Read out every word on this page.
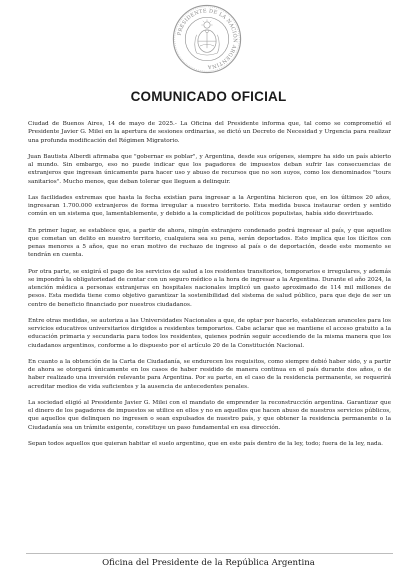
PRESIDENTE DE LA NACIÓN ARGENTINA
COMUNICADO OFICIAL

Ciudad de Buenos Aires, 14 de mayo de 2025.- La Oficina del Presidente informa que, tal como se comprometió el Presidente Javier G. Milei en la apertura de sesiones ordinarias, se dictó un Decreto de Necesidad y Urgencia para realizar una profunda modificación del Régimen Migratorio.

Juan Bautista Alberdi afirmaba que "gobernar es poblar", y Argentina, desde sus orígenes, siempre ha sido un país abierto al mundo. Sin embargo, eso no puede indicar que los pagadores de impuestos deban sufrir las consecuencias de extranjeros que ingresan únicamente para hacer uso y abuso de recursos que no son suyos, como los denominados "tours sanitarios". Mucho menos, que deban tolerar que lleguen a delinquir.

Las facilidades extremas que hasta la fecha existían para ingresar a la Argentina hicieron que, en los últimos 20 años, ingresaran 1.700.000 extranjeros de forma irregular a nuestro territorio. Esta medida busca instaurar orden y sentido común en un sistema que, lamentablemente, y debido a la complicidad de políticos populistas, había sido desvirtuado.

En primer lugar, se establece que, a partir de ahora, ningún extranjero condenado podrá ingresar al país, y que aquellos que cometan un delito en nuestro territorio, cualquiera sea su pena, serán deportados. Esto implica que los ilícitos con penas menores a 5 años, que no eran motivo de rechazo de ingreso al país o de deportación, desde este momento se tendrán en cuenta.

Por otra parte, se exigirá el pago de los servicios de salud a los residentes transitorios, temporarios e irregulares, y además se impondrá la obligatoriedad de contar con un seguro médico a la hora de ingresar a la Argentina. Durante el año 2024, la atención médica a personas extranjeras en hospitales nacionales implicó un gasto aproximado de 114 mil millones de pesos. Esta medida tiene como objetivo garantizar la sostenibilidad del sistema de salud público, para que deje de ser un centro de beneficio financiado por nuestros ciudadanos.

Entre otras medidas, se autoriza a las Universidades Nacionales a que, de optar por hacerlo, establezcan aranceles para los servicios educativos universitarios dirigidos a residentes temporarios. Cabe aclarar que se mantiene el acceso gratuito a la educación primaria y secundaria para todos los residentes, quienes podrán seguir accediendo de la misma manera que los ciudadanos argentinos, conforme a lo dispuesto por el artículo 20 de la Constitución Nacional.

En cuanto a la obtención de la Carta de Ciudadanía, se endurecen los requisitos, como siempre debió haber sido, y a partir de ahora se otorgará únicamente en los casos de haber residido de manera continua en el país durante dos años, o de haber realizado una inversión relevante para Argentina. Por su parte, en el caso de la residencia permanente, se requerirá acreditar medios de vida suficientes y la ausencia de antecedentes penales.

La sociedad eligió al Presidente Javier G. Milei con el mandato de emprender la reconstrucción argentina. Garantizar que el dinero de los pagadores de impuestos se utilice en ellos y no en aquellos que hacen abuso de nuestros servicios públicos, que aquellos que delinquen no ingresen o sean expulsados de nuestro país, y que obtener la residencia permanente o la Ciudadanía sea un trámite exigente, constituye un paso fundamental en esa dirección.

Sepan todos aquellos que quieran habitar el suelo argentino, que en este país dentro de la ley, todo; fuera de la ley, nada.

Oficina del Presidente de la República Argentina
